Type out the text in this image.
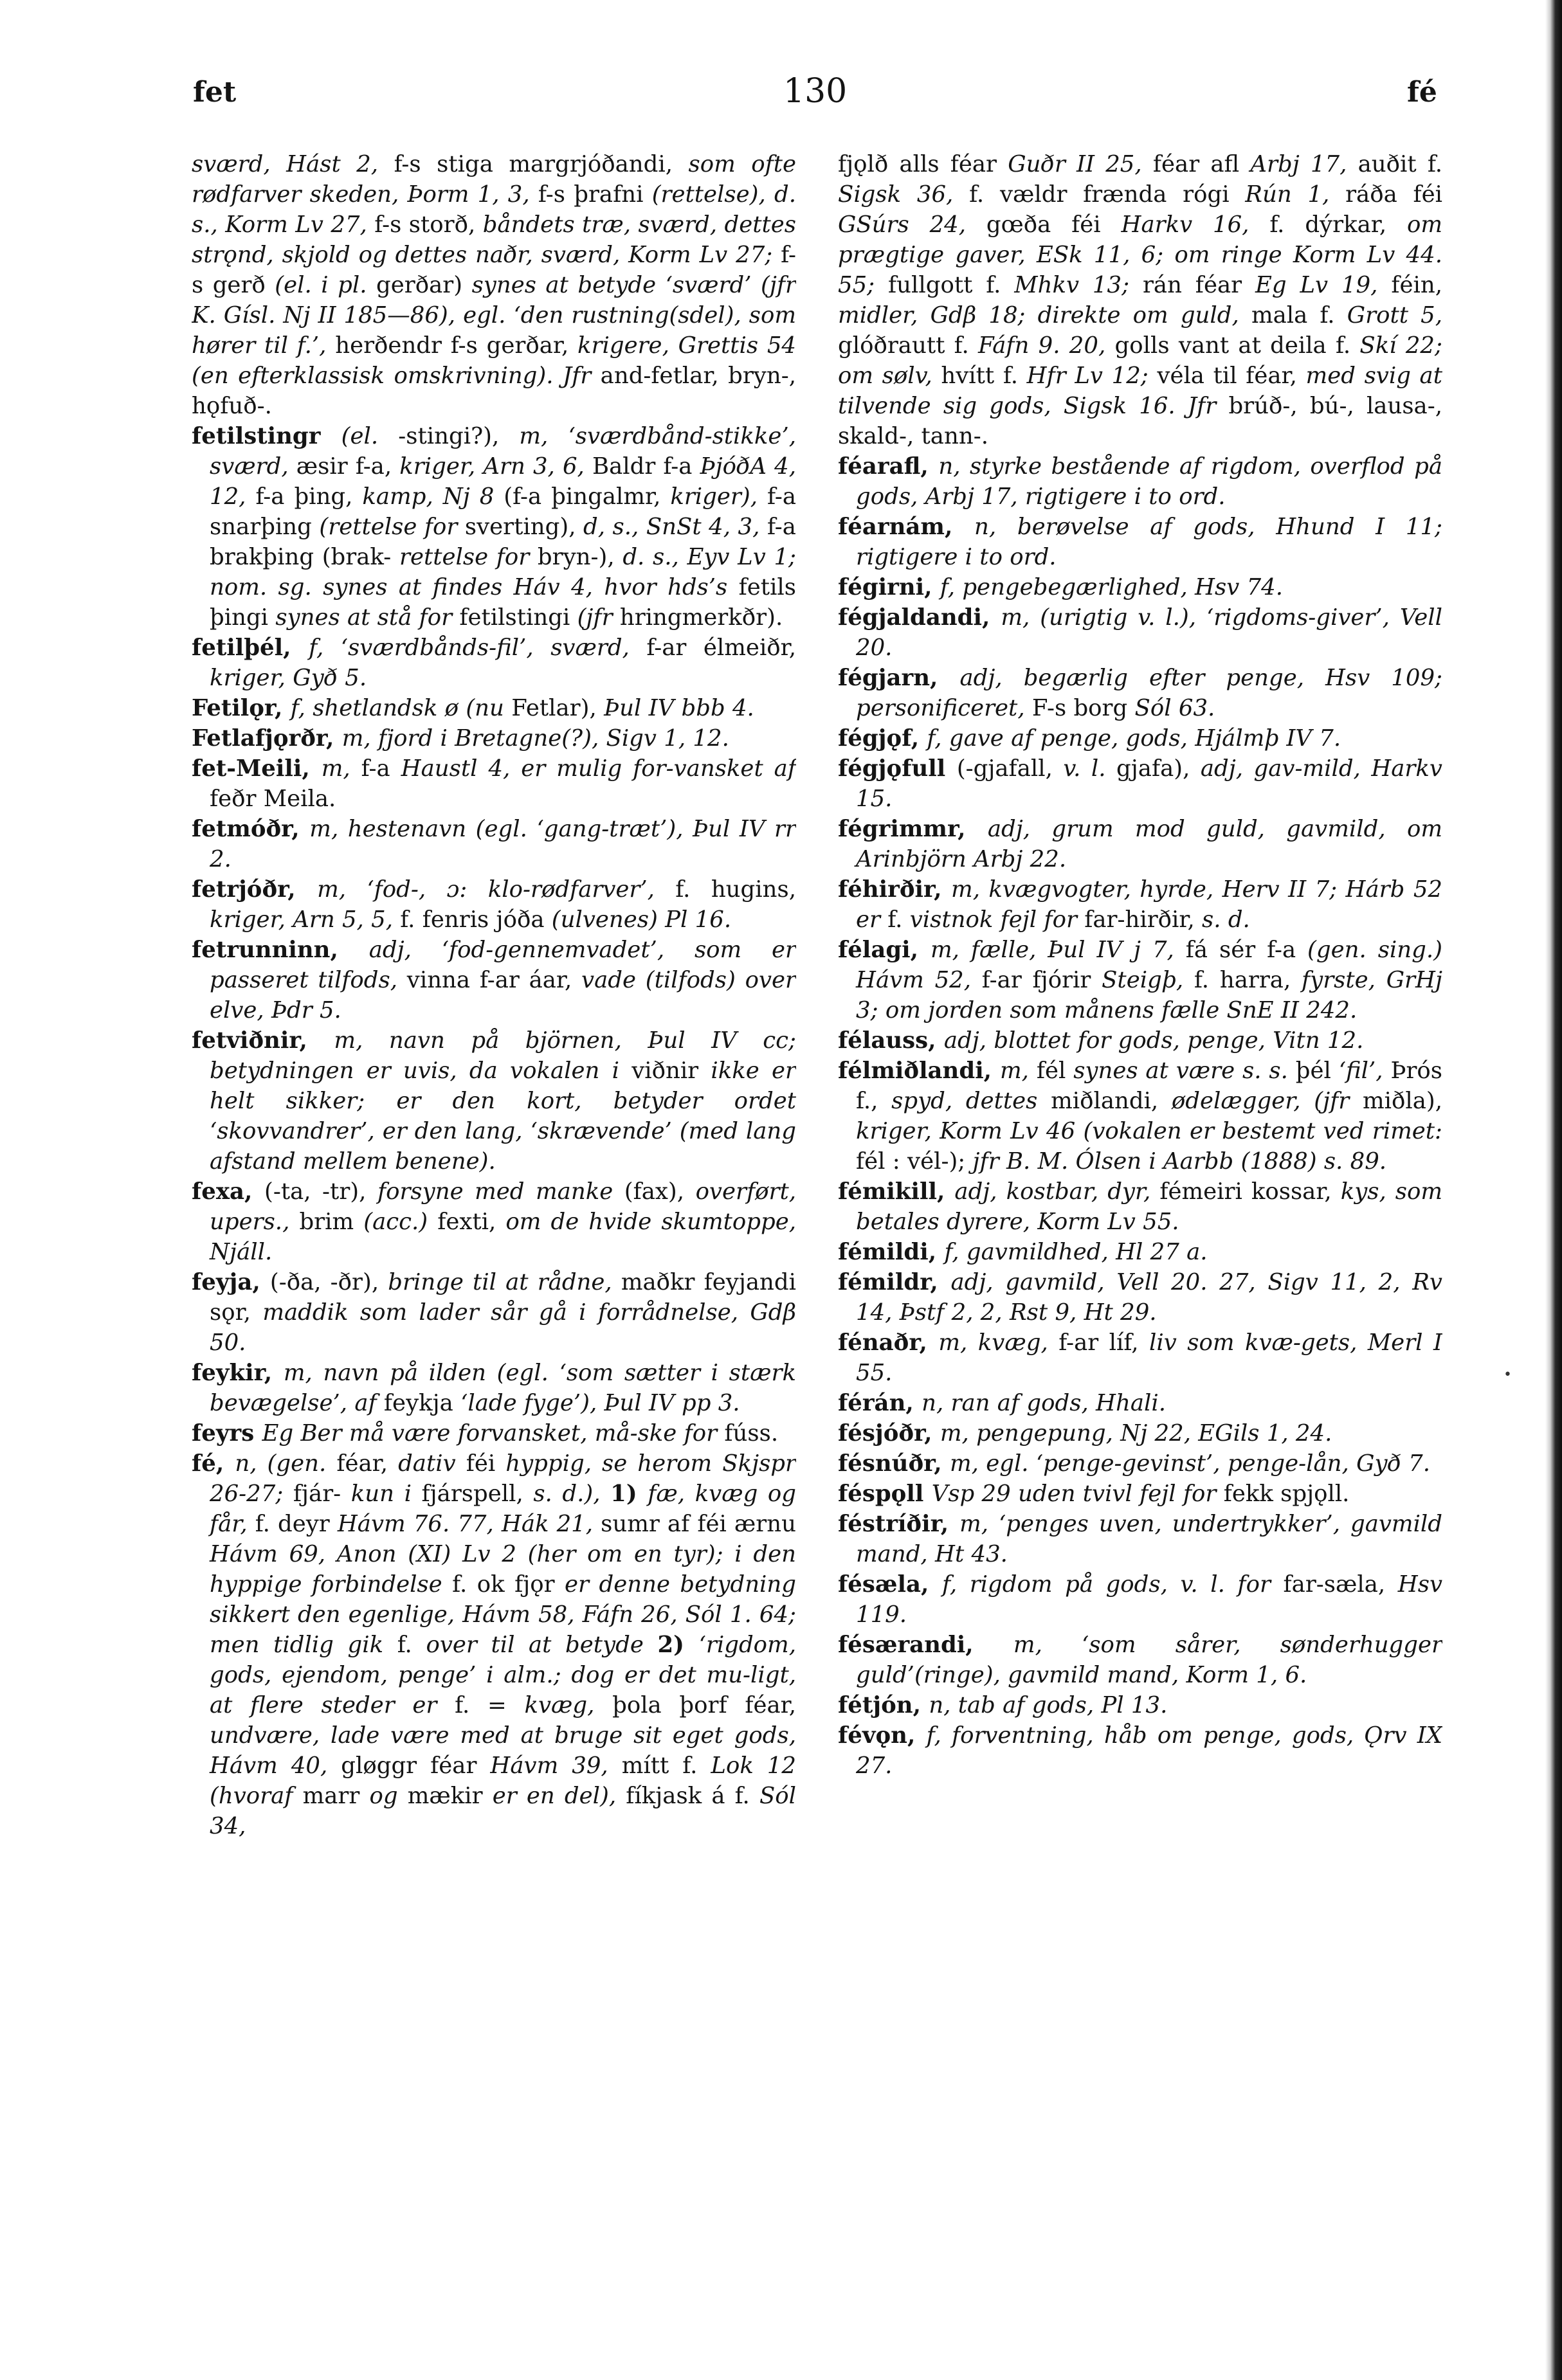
fet	130	fé

sværd, Hást 2, f-s stiga margrjóðandi, som ofte rødfarver skeden, Þorm 1, 3, f-s þrafni (rettelse), d. s., Korm Lv 27, f-s storð, båndets træ, sværd, dettes strǫnd, skjold og dettes naðr, sværd, Korm Lv 27; f-s gerð (el. i pl. gerðar) synes at betyde ‘sværd’ (jfr K. Gísl. Nj II 185—86), egl. ‘den rustning(sdel), som hører til f.’, herðendr f-s gerðar, krigere, Grettis 54 (en efterklassisk omskrivning). Jfr and-fetlar, bryn-, hǫfuð-.

fetilstingr (el. -stingi?), m, ‘sværdbånd-stikke’, sværd, æsir f-a, kriger, Arn 3, 6, Baldr f-a ÞjóðA 4, 12, f-a þing, kamp, Nj 8 (f-a þingalmr, kriger), f-a snarþing (rettelse for sverting), d, s., SnSt 4, 3, f-a brakþing (brak- rettelse for bryn-), d. s., Eyv Lv 1; nom. sg. synes at findes Háv 4, hvor hds’s fetils þingi synes at stå for fetilstingi (jfr hringmerkðr).

fetilþél, f, ‘sværdbånds-fil’, sværd, f-ar élmeiðr, kriger, Gyð 5.

Fetilǫr, f, shetlandsk ø (nu Fetlar), Þul IV bbb 4.

Fetlafjǫrðr, m, fjord i Bretagne(?), Sigv 1, 12.

fet-Meili, m, f-a Haustl 4, er mulig for-vansket af feðr Meila.

fetmóðr, m, hestenavn (egl. ‘gang-træt’), Þul IV rr 2.

fetrjóðr, m, ‘fod-, ɔ: klo-rødfarver’, f. hugins, kriger, Arn 5, 5, f. fenris jóða (ulvenes) Pl 16.

fetrunninn, adj, ‘fod-gennemvadet’, som er passeret tilfods, vinna f-ar áar, vade (tilfods) over elve, Þdr 5.

fetviðnir, m, navn på björnen, Þul IV cc; betydningen er uvis, da vokalen i viðnir ikke er helt sikker; er den kort, betyder ordet ‘skovvandrer’, er den lang, ‘skrævende’ (med lang afstand mellem benene).

fexa, (-ta, -tr), forsyne med manke (fax), overført, upers., brim (acc.) fexti, om de hvide skumtoppe, Njáll.

feyja, (-ða, -ðr), bringe til at rådne, maðkr feyjandi sǫr, maddik som lader sår gå i forrådnelse, Gdβ 50.

feykir, m, navn på ilden (egl. ‘som sætter i stærk bevægelse’, af feykja ‘lade fyge’), Þul IV pp 3.

feyrs Eg Ber må være forvansket, må-ske for fúss.

fé, n, (gen. féar, dativ féi hyppig, se herom Skjspr 26-27; fjár- kun i fjárspell, s. d.), 1) fæ, kvæg og får, f. deyr Hávm 76. 77, Hák 21, sumr af féi ærnu Hávm 69, Anon (XI) Lv 2 (her om en tyr); i den hyppige forbindelse f. ok fjǫr er denne betydning sikkert den egenlige, Hávm 58, Fáfn 26, Sól 1. 64; men tidlig gik f. over til at betyde 2) ‘rigdom, gods, ejendom, penge’ i alm.; dog er det mu-ligt, at flere steder er f. = kvæg, þola þorf féar, undvære, lade være med at bruge sit eget gods, Hávm 40, gløggr féar Hávm 39, mítt f. Lok 12 (hvoraf marr og mækir er en del), fíkjask á f. Sól 34,

fjǫlð alls féar Guðr II 25, féar afl Arbj 17, auðit f. Sigsk 36, f. vældr frænda rógi Rún 1, ráða féi GSúrs 24, gœða féi Harkv 16, f. dýrkar, om prægtige gaver, ESk 11, 6; om ringe Korm Lv 44. 55; fullgott f. Mhkv 13; rán féar Eg Lv 19, féin, midler, Gdβ 18; direkte om guld, mala f. Grott 5, glóðrautt f. Fáfn 9. 20, golls vant at deila f. Skí 22; om sølv, hvítt f. Hfr Lv 12; véla til féar, med svig at tilvende sig gods, Sigsk 16. Jfr brúð-, bú-, lausa-, skald-, tann-.

féarafl, n, styrke bestående af rigdom, overflod på gods, Arbj 17, rigtigere i to ord.

féarnám, n, berøvelse af gods, Hhund I 11; rigtigere i to ord.

fégirni, f, pengebegærlighed, Hsv 74.

fégjaldandi, m, (urigtig v. l.), ‘rigdoms-giver’, Vell 20.

fégjarn, adj, begærlig efter penge, Hsv 109; personificeret, F-s borg Sól 63.

fégjǫf, f, gave af penge, gods, Hjálmþ IV 7.

fégjǫfull (-gjafall, v. l. gjafa), adj, gav-mild, Harkv 15.

fégrimmr, adj, grum mod guld, gavmild, om Arinbjörn Arbj 22.

féhirðir, m, kvægvogter, hyrde, Herv II 7; Hárb 52 er f. vistnok fejl for far-hirðir, s. d.

félagi, m, fælle, Þul IV j 7, fá sér f-a (gen. sing.) Hávm 52, f-ar fjórir Steigþ, f. harra, fyrste, GrHj 3; om jorden som månens fælle SnE II 242.

félauss, adj, blottet for gods, penge, Vitn 12.

félmiðlandi, m, fél synes at være s. s. þél ‘fil’, Þrós f., spyd, dettes miðlandi, ødelægger, (jfr miðla), kriger, Korm Lv 46 (vokalen er bestemt ved rimet: fél : vél-); jfr B. M. Ólsen i Aarbb (1888) s. 89.

fémikill, adj, kostbar, dyr, fémeiri kossar, kys, som betales dyrere, Korm Lv 55.

fémildi, f, gavmildhed, Hl 27 a.

fémildr, adj, gavmild, Vell 20. 27, Sigv 11, 2, Rv 14, Þstf 2, 2, Rst 9, Ht 29.

fénaðr, m, kvæg, f-ar líf, liv som kvæ-gets, Merl I 55.

férán, n, ran af gods, Hhali.

fésjóðr, m, pengepung, Nj 22, EGils 1, 24.

fésnúðr, m, egl. ‘penge-gevinst’, penge-lån, Gyð 7.

féspǫll Vsp 29 uden tvivl fejl for fekk spjǫll.

féstríðir, m, ‘penges uven, undertrykker’, gavmild mand, Ht 43.

fésæla, f, rigdom på gods, v. l. for far-sæla, Hsv 119.

fésærandi, m, ‘som sårer, sønderhugger guld’(ringe), gavmild mand, Korm 1, 6.

fétjón, n, tab af gods, Pl 13.

févǫn, f, forventning, håb om penge, gods, Ǫrv IX 27.

•
